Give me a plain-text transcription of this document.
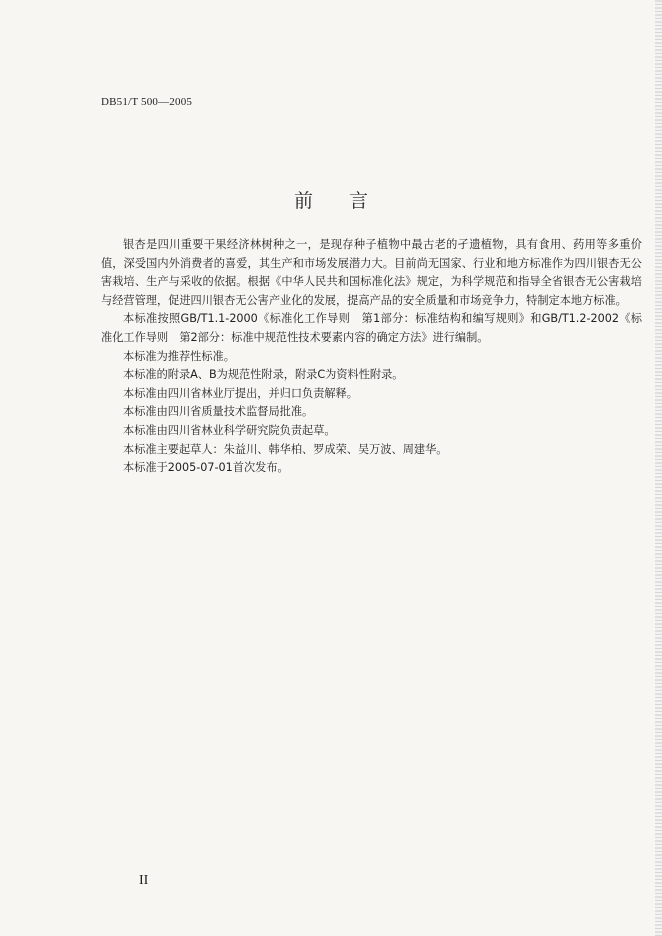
DB51/T 500—2005
前言

银杏是四川重要干果经济林树种之一，是现存种子植物中最古老的孑遗植物，具有食用、药用等多重价值，深受国内外消费者的喜爱，其生产和市场发展潜力大。目前尚无国家、行业和地方标准作为四川银杏无公害栽培、生产与采收的依据。根据《中华人民共和国标准化法》规定，为科学规范和指导全省银杏无公害栽培与经营管理，促进四川银杏无公害产业化的发展，提高产品的安全质量和市场竞争力，特制定本地方标准。

本标准按照GB/T1.1-2000《标准化工作导则　第1部分：标准结构和编写规则》和GB/T1.2-2002《标准化工作导则　第2部分：标准中规范性技术要素内容的确定方法》进行编制。

本标准为推荐性标准。

本标准的附录A、B为规范性附录，附录C为资料性附录。

本标准由四川省林业厅提出，并归口负责解释。

本标准由四川省质量技术监督局批准。

本标准由四川省林业科学研究院负责起草。

本标准主要起草人：朱益川、韩华柏、罗成荣、吴万波、周建华。

本标准于2005-07-01首次发布。

II
